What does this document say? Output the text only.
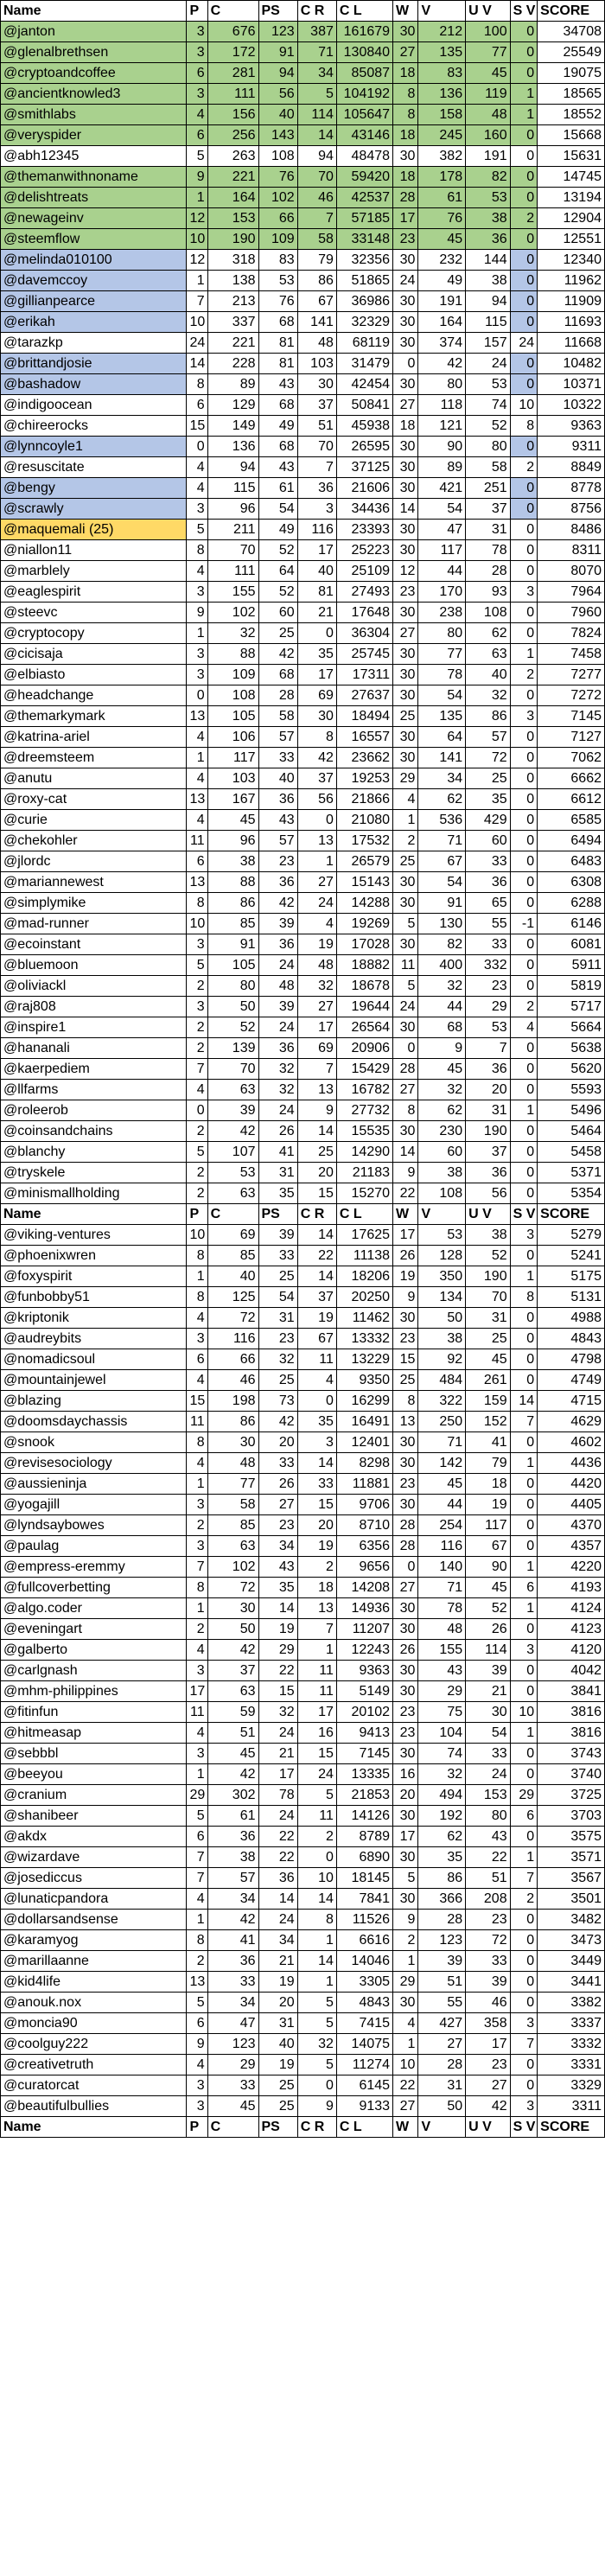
Name	P	C	PS	C R	C L	W	V	U V	S V	SCORE
@janton	3	676	123	387	161679	30	212	100	0	34708
@glenalbrethsen	3	172	91	71	130840	27	135	77	0	25549
@cryptoandcoffee	6	281	94	34	85087	18	83	45	0	19075
@ancientknowled3	3	111	56	5	104192	8	136	119	1	18565
@smithlabs	4	156	40	114	105647	8	158	48	1	18552
@veryspider	6	256	143	14	43146	18	245	160	0	15668
@abh12345	5	263	108	94	48478	30	382	191	0	15631
@themanwithnoname	9	221	76	70	59420	18	178	82	0	14745
@delishtreats	1	164	102	46	42537	28	61	53	0	13194
@newageinv	12	153	66	7	57185	17	76	38	2	12904
@steemflow	10	190	109	58	33148	23	45	36	0	12551
@melinda010100	12	318	83	79	32356	30	232	144	0	12340
@davemccoy	1	138	53	86	51865	24	49	38	0	11962
@gillianpearce	7	213	76	67	36986	30	191	94	0	11909
@erikah	10	337	68	141	32329	30	164	115	0	11693
@tarazkp	24	221	81	48	68119	30	374	157	24	11668
@brittandjosie	14	228	81	103	31479	0	42	24	0	10482
@bashadow	8	89	43	30	42454	30	80	53	0	10371
@indigoocean	6	129	68	37	50841	27	118	74	10	10322
@chireerocks	15	149	49	51	45938	18	121	52	8	9363
@lynncoyle1	0	136	68	70	26595	30	90	80	0	9311
@resuscitate	4	94	43	7	37125	30	89	58	2	8849
@bengy	4	115	61	36	21606	30	421	251	0	8778
@scrawly	3	96	54	3	34436	14	54	37	0	8756
@maquemali (25)	5	211	49	116	23393	30	47	31	0	8486
@niallon11	8	70	52	17	25223	30	117	78	0	8311
@marblely	4	111	64	40	25109	12	44	28	0	8070
@eaglespirit	3	155	52	81	27493	23	170	93	3	7964
@steevc	9	102	60	21	17648	30	238	108	0	7960
@cryptocopy	1	32	25	0	36304	27	80	62	0	7824
@cicisaja	3	88	42	35	25745	30	77	63	1	7458
@elbiasto	3	109	68	17	17311	30	78	40	2	7277
@headchange	0	108	28	69	27637	30	54	32	0	7272
@themarkymark	13	105	58	30	18494	25	135	86	3	7145
@katrina-ariel	4	106	57	8	16557	30	64	57	0	7127
@dreemsteem	1	117	33	42	23662	30	141	72	0	7062
@anutu	4	103	40	37	19253	29	34	25	0	6662
@roxy-cat	13	167	36	56	21866	4	62	35	0	6612
@curie	4	45	43	0	21080	1	536	429	0	6585
@chekohler	11	96	57	13	17532	2	71	60	0	6494
@jlordc	6	38	23	1	26579	25	67	33	0	6483
@mariannewest	13	88	36	27	15143	30	54	36	0	6308
@simplymike	8	86	42	24	14288	30	91	65	0	6288
@mad-runner	10	85	39	4	19269	5	130	55	-1	6146
@ecoinstant	3	91	36	19	17028	30	82	33	0	6081
@bluemoon	5	105	24	48	18882	11	400	332	0	5911
@oliviackl	2	80	48	32	18678	5	32	23	0	5819
@raj808	3	50	39	27	19644	24	44	29	2	5717
@inspire1	2	52	24	17	26564	30	68	53	4	5664
@hananali	2	139	36	69	20906	0	9	7	0	5638
@kaerpediem	7	70	32	7	15429	28	45	36	0	5620
@llfarms	4	63	32	13	16782	27	32	20	0	5593
@roleerob	0	39	24	9	27732	8	62	31	1	5496
@coinsandchains	2	42	26	14	15535	30	230	190	0	5464
@blanchy	5	107	41	25	14290	14	60	37	0	5458
@tryskele	2	53	31	20	21183	9	38	36	0	5371
@minismallholding	2	63	35	15	15270	22	108	56	0	5354
Name	P	C	PS	C R	C L	W	V	U V	S V	SCORE
@viking-ventures	10	69	39	14	17625	17	53	38	3	5279
@phoenixwren	8	85	33	22	11138	26	128	52	0	5241
@foxyspirit	1	40	25	14	18206	19	350	190	1	5175
@funbobby51	8	125	54	37	20250	9	134	70	8	5131
@kriptonik	4	72	31	19	11462	30	50	31	0	4988
@audreybits	3	116	23	67	13332	23	38	25	0	4843
@nomadicsoul	6	66	32	11	13229	15	92	45	0	4798
@mountainjewel	4	46	25	4	9350	25	484	261	0	4749
@blazing	15	198	73	0	16299	8	322	159	14	4715
@doomsdaychassis	11	86	42	35	16491	13	250	152	7	4629
@snook	8	30	20	3	12401	30	71	41	0	4602
@revisesociology	4	48	33	14	8298	30	142	79	1	4436
@aussieninja	1	77	26	33	11881	23	45	18	0	4420
@yogajill	3	58	27	15	9706	30	44	19	0	4405
@lyndsaybowes	2	85	23	20	8710	28	254	117	0	4370
@paulag	3	63	34	19	6356	28	116	67	0	4357
@empress-eremmy	7	102	43	2	9656	0	140	90	1	4220
@fullcoverbetting	8	72	35	18	14208	27	71	45	6	4193
@algo.coder	1	30	14	13	14936	30	78	52	1	4124
@eveningart	2	50	19	7	11207	30	48	26	0	4123
@galberto	4	42	29	1	12243	26	155	114	3	4120
@carlgnash	3	37	22	11	9363	30	43	39	0	4042
@mhm-philippines	17	63	15	11	5149	30	29	21	0	3841
@fitinfun	11	59	32	17	20102	23	75	30	10	3816
@hitmeasap	4	51	24	16	9413	23	104	54	1	3816
@sebbbl	3	45	21	15	7145	30	74	33	0	3743
@beeyou	1	42	17	24	13335	16	32	24	0	3740
@cranium	29	302	78	5	21853	20	494	153	29	3725
@shanibeer	5	61	24	11	14126	30	192	80	6	3703
@akdx	6	36	22	2	8789	17	62	43	0	3575
@wizardave	7	38	22	0	6890	30	35	22	1	3571
@josediccus	7	57	36	10	18145	5	86	51	7	3567
@lunaticpandora	4	34	14	14	7841	30	366	208	2	3501
@dollarsandsense	1	42	24	8	11526	9	28	23	0	3482
@karamyog	8	41	34	1	6616	2	123	72	0	3473
@marillaanne	2	36	21	14	14046	1	39	33	0	3449
@kid4life	13	33	19	1	3305	29	51	39	0	3441
@anouk.nox	5	34	20	5	4843	30	55	46	0	3382
@moncia90	6	47	31	5	7415	4	427	358	3	3337
@coolguy222	9	123	40	32	14075	1	27	17	7	3332
@creativetruth	4	29	19	5	11274	10	28	23	0	3331
@curatorcat	3	33	25	0	6145	22	31	27	0	3329
@beautifulbullies	3	45	25	9	9133	27	50	42	3	3311
Name	P	C	PS	C R	C L	W	V	U V	S V	SCORE
